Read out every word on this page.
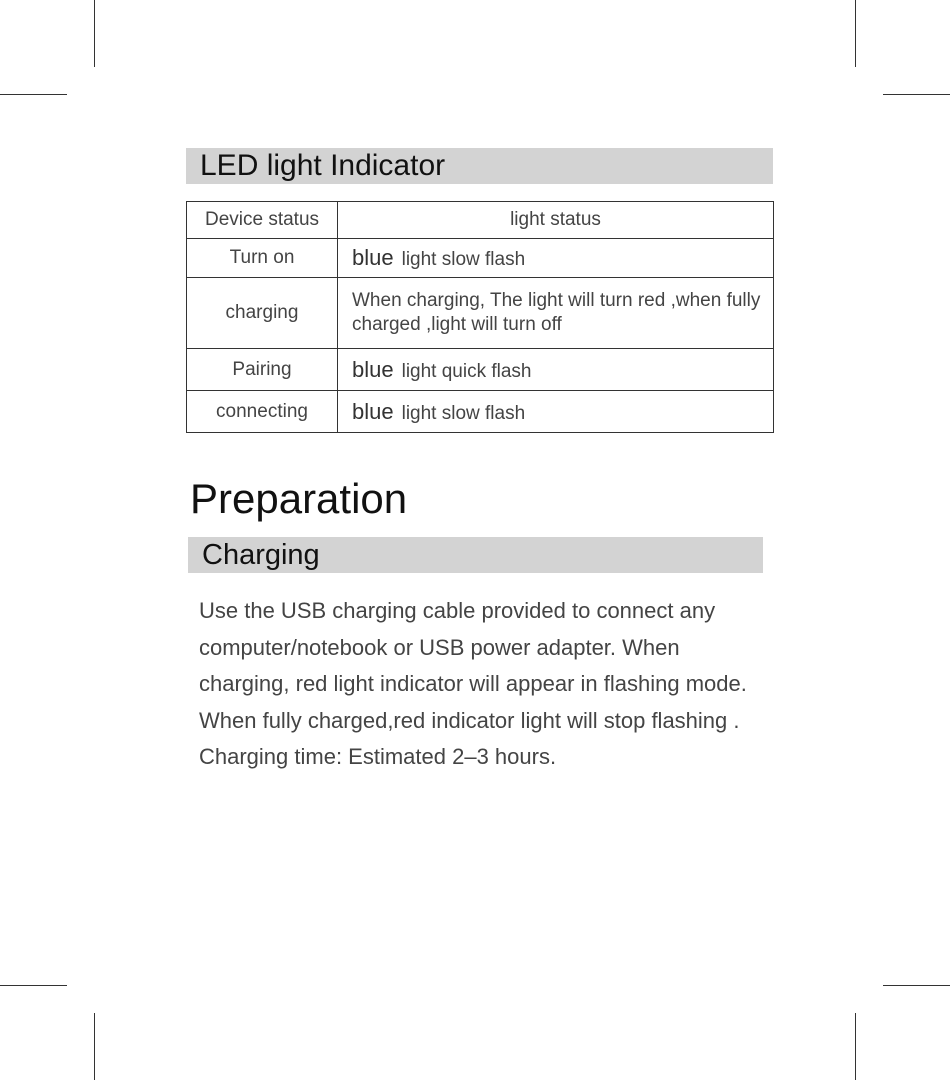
LED light Indicator
Device status	light status
Turn on	blue light slow flash
charging	When charging, The light will turn red ,when fully charged ,light will turn off
Pairing	blue light quick flash
connecting	blue light slow flash
Preparation
Charging

Use the USB charging cable provided to connect any computer/notebook or USB power adapter. When charging, red light indicator will appear in flashing mode. When fully charged,red indicator light will stop flashing . Charging time: Estimated 2–3 hours.
